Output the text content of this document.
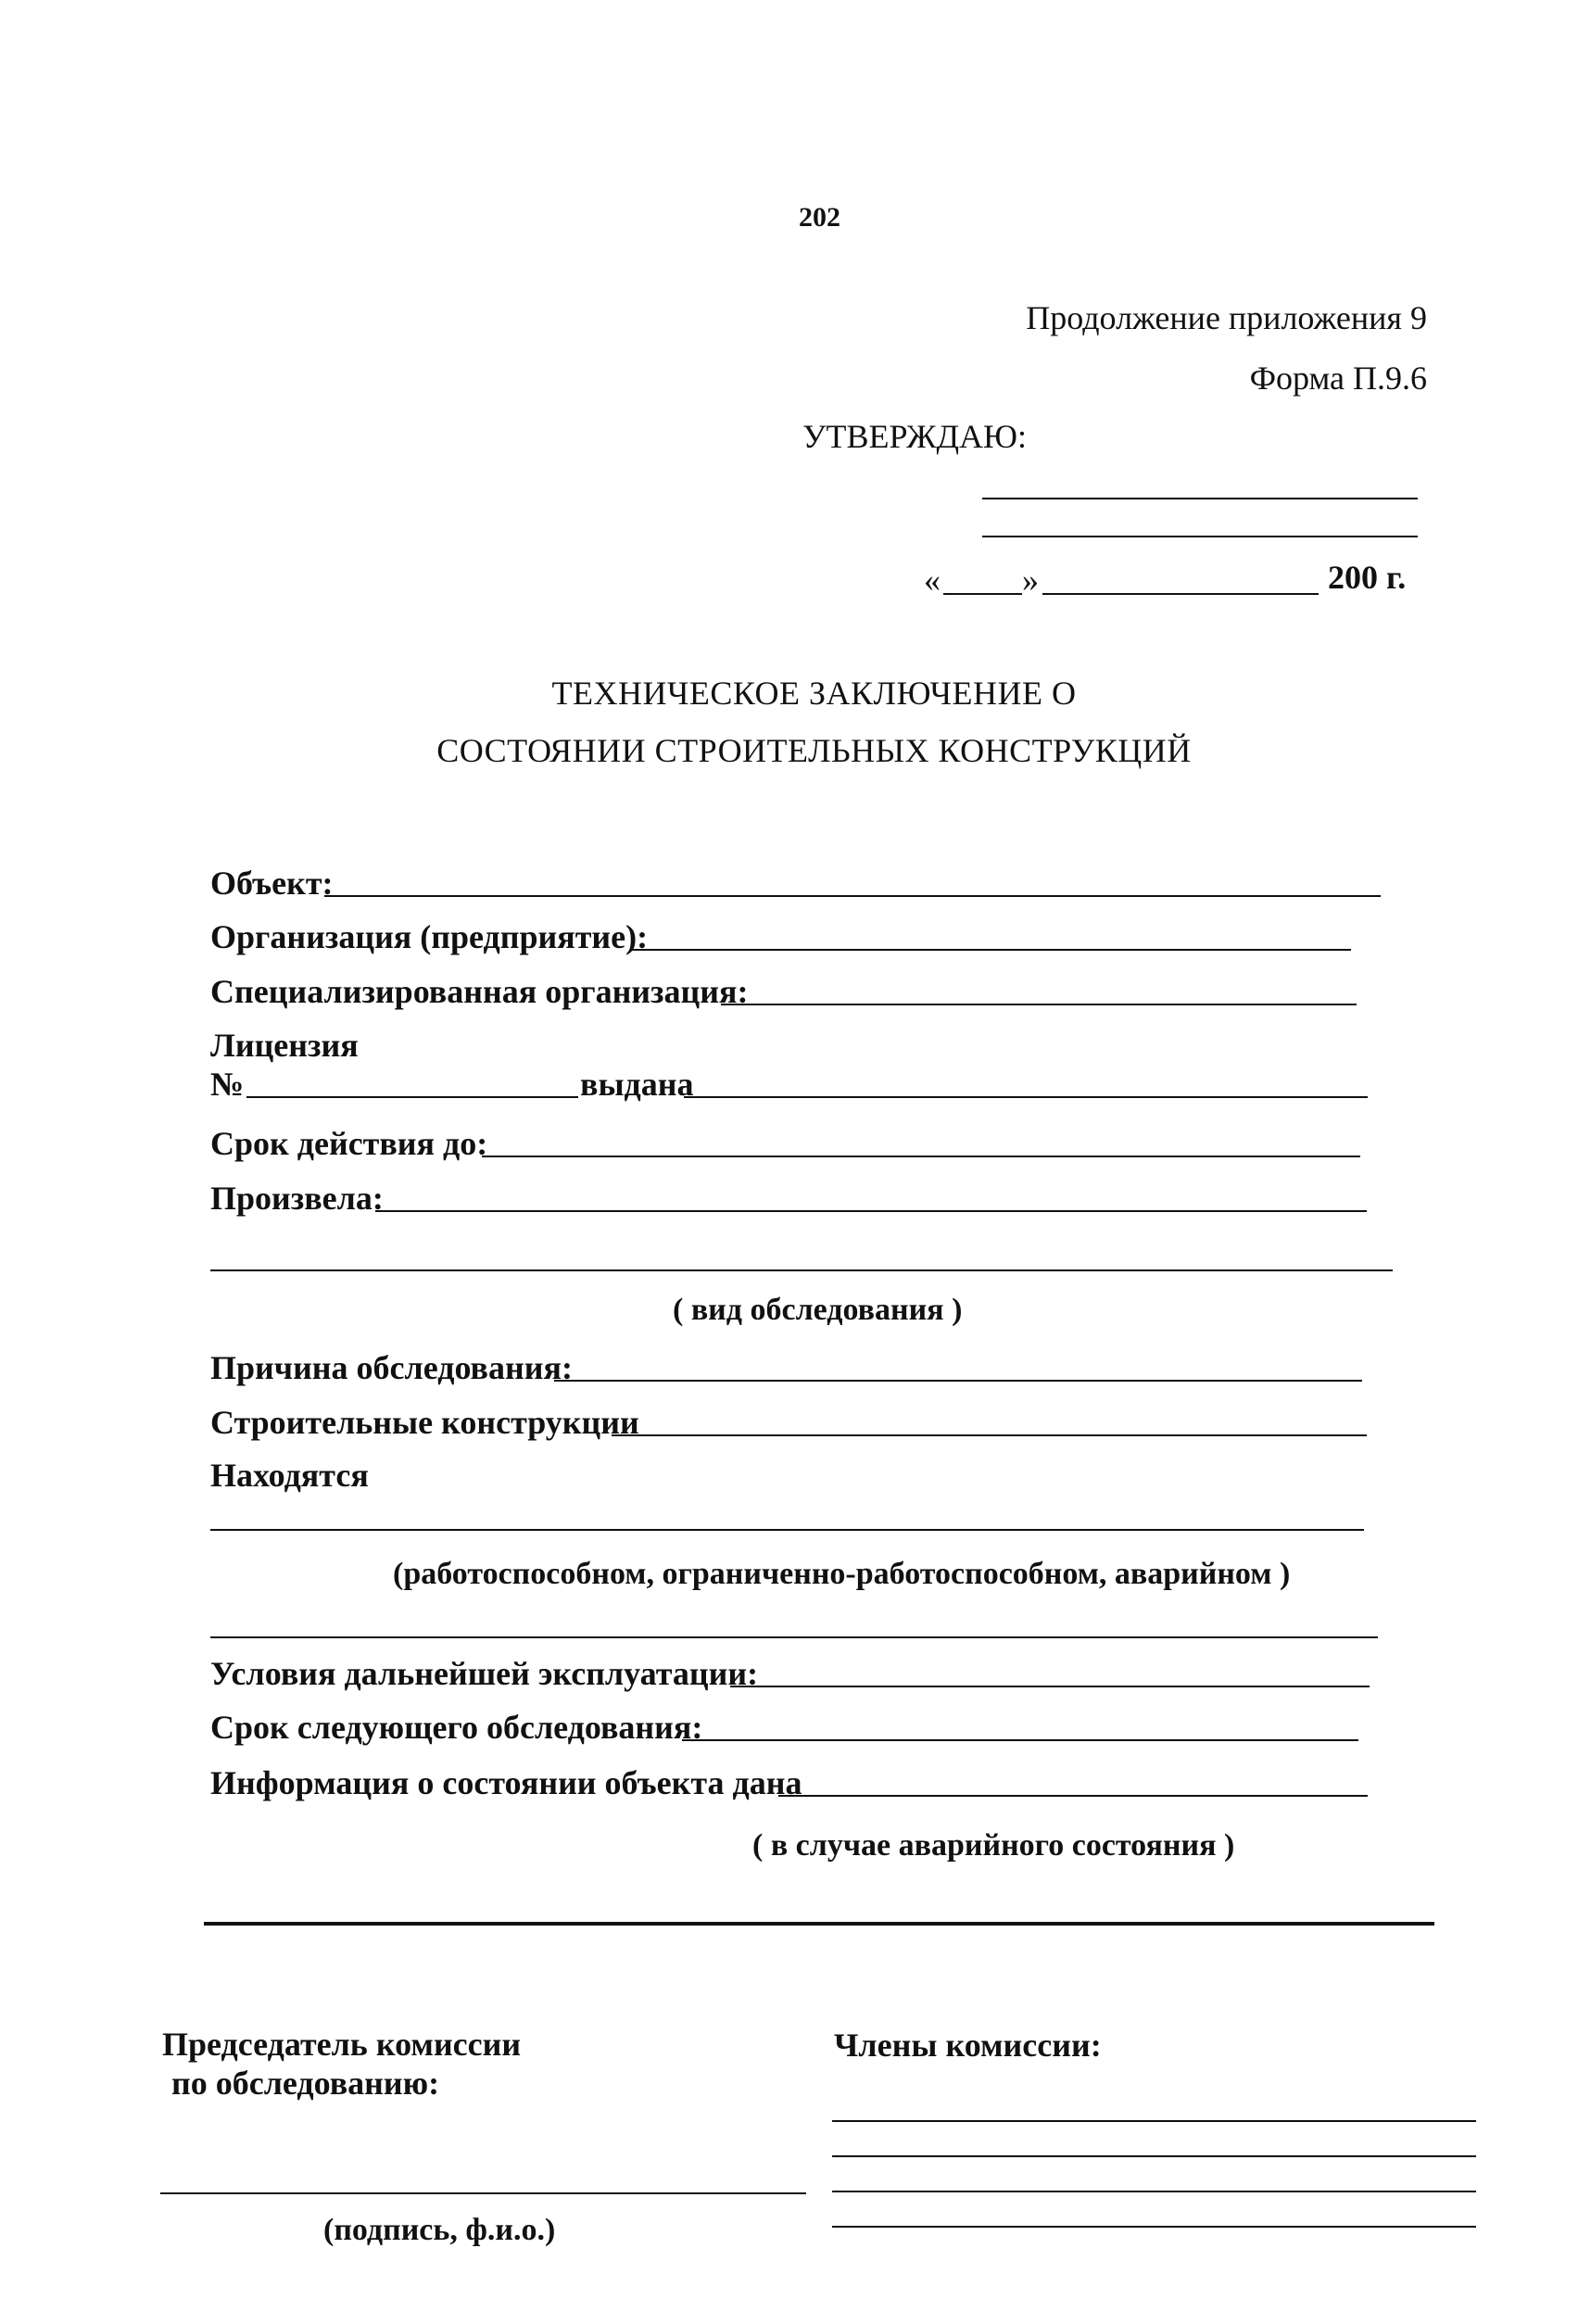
202
Продолжение приложения 9
Форма П.9.6
УТВЕРЖДАЮ:
« »	200 г.
ТЕХНИЧЕСКОЕ ЗАКЛЮЧЕНИЕ О
СОСТОЯНИИ СТРОИТЕЛЬНЫХ КОНСТРУКЦИЙ
Объект:
Организация (предприятие):
Специализированная организация:
Лицензия
№	выдана
Срок действия до:
Произвела:
( вид обследования )
Причина обследования:
Строительные конструкции
Находятся
(работоспособном, ограниченно-работоспособном, аварийном )
Условия дальнейшей эксплуатации:
Срок следующего обследования:
Информация о состоянии объекта дана
( в случае аварийного состояния )
Председатель комиссии
по обследованию:
(подпись, ф.и.о.)
Члены комиссии:
